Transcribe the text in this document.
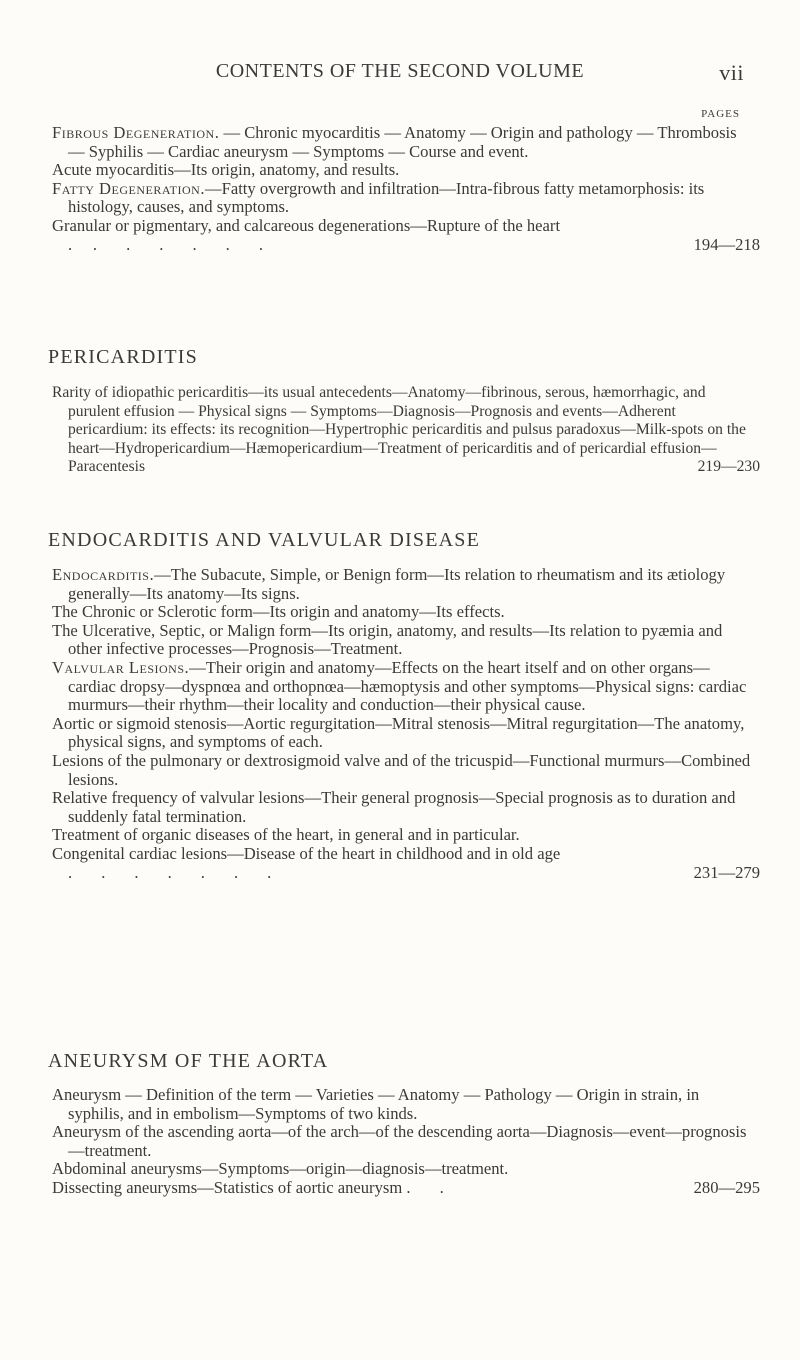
CONTENTS OF THE SECOND VOLUME	vii
PAGES

Fibrous Degeneration. — Chronic myocarditis — Anatomy — Origin and pathology — Thrombosis — Syphilis — Cardiac aneurysm — Symptoms — Course and event.

Acute myocarditis—Its origin, anatomy, and results.

Fatty Degeneration.—Fatty overgrowth and infiltration—Intra-fibrous fatty metamorphosis: its histology, causes, and symptoms.

Granular or pigmentary, and calcareous degenerations—Rupture of the heart .     .       .       .       .       .       .	194—218

PERICARDITIS

Rarity of idiopathic pericarditis—its usual antecedents—Anatomy—fibrinous, serous, hæmorrhagic, and purulent effusion — Physical signs — Symptoms—Diagnosis—Prognosis and events—Adherent pericardium: its effects: its recognition—Hypertrophic pericarditis and pulsus paradoxus—Milk-spots on the heart—Hydropericardium—Hæmopericardium—Treatment of pericarditis and of pericardial effusion—Paracentesis	219—230

ENDOCARDITIS AND VALVULAR DISEASE

Endocarditis.—The Subacute, Simple, or Benign form—Its relation to rheumatism and its ætiology generally—Its anatomy—Its signs.

The Chronic or Sclerotic form—Its origin and anatomy—Its effects.

The Ulcerative, Septic, or Malign form—Its origin, anatomy, and results—Its relation to pyæmia and other infective processes—Prognosis—Treatment.

Valvular Lesions.—Their origin and anatomy—Effects on the heart itself and on other organs—cardiac dropsy—dyspnœa and orthopnœa—hæmoptysis and other symptoms—Physical signs: cardiac murmurs—their rhythm—their locality and conduction—their physical cause.

Aortic or sigmoid stenosis—Aortic regurgitation—Mitral stenosis—Mitral regurgitation—The anatomy, physical signs, and symptoms of each.

Lesions of the pulmonary or dextrosigmoid valve and of the tricuspid—Functional murmurs—Combined lesions.

Relative frequency of valvular lesions—Their general prognosis—Special prognosis as to duration and suddenly fatal termination.

Treatment of organic diseases of the heart, in general and in particular.

Congenital cardiac lesions—Disease of the heart in childhood and in old age .       .       .       .       .       .       .	231—279

ANEURYSM OF THE AORTA

Aneurysm — Definition of the term — Varieties — Anatomy — Pathology — Origin in strain, in syphilis, and in embolism—Symptoms of two kinds.

Aneurysm of the ascending aorta—of the arch—of the descending aorta—Diagnosis—event—prognosis—treatment.

Abdominal aneurysms—Symptoms—origin—diagnosis—treatment.

Dissecting aneurysms—Statistics of aortic aneurysm .       .	280—295
